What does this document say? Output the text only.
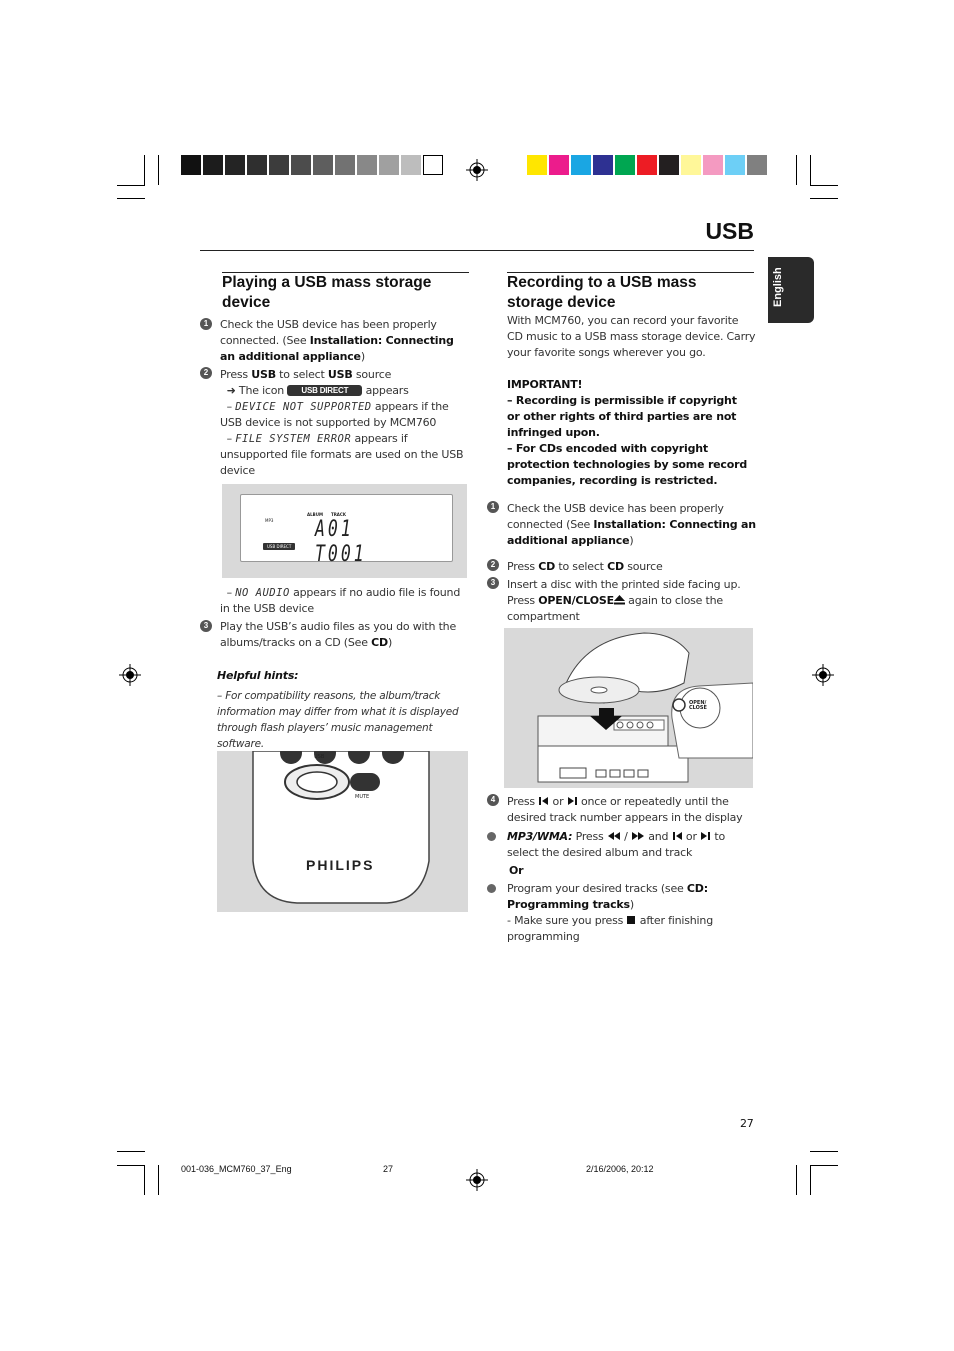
USB
English
Playing a USB mass storage device
1	Check the USB device has been properly connected. (See Installation: Connecting an additional appliance)
2	Press USB to select USB source
➜ The icon USB DIRECT appears
– DEVICE NOT SUPPORTED appears if the USB device is not supported by MCM760
– FILE SYSTEM ERROR appears if unsupported file formats are used on the USB device
ALBUM TRACK
MP3 A01 T001
USB DIRECT
– NO AUDIO appears if no audio file is found in the USB device
3	Play the USB’s audio files as you do with the albums/tracks on a CD (See CD)
Helpful hints:
– For compatibility reasons, the album/track information may differ from what it is displayed through flash players’ music management software.
USB
MUTE
PHILIPS
Recording to a USB mass storage device
With MCM760, you can record your favorite CD music to a USB mass storage device. Carry your favorite songs wherever you go.
IMPORTANT!
– Recording is permissible if copyright or other rights of third parties are not infringed upon.
– For CDs encoded with copyright protection technologies by some record companies, recording is restricted.
1	Check the USB device has been properly connected (See Installation: Connecting an additional appliance)
2	Press CD to select CD source
3	Insert a disc with the printed side facing up. Press OPEN/CLOSE again to close the compartment
OPEN/ CLOSE
4	Press  or  once or repeatedly until the desired track number appears in the display
MP3/WMA: Press  /  and  or  to select the desired album and track
Or
Program your desired tracks (see CD: Programming tracks)
- Make sure you press  after finishing programming
27
001-036_MCM760_37_Eng	27	2/16/2006, 20:12
